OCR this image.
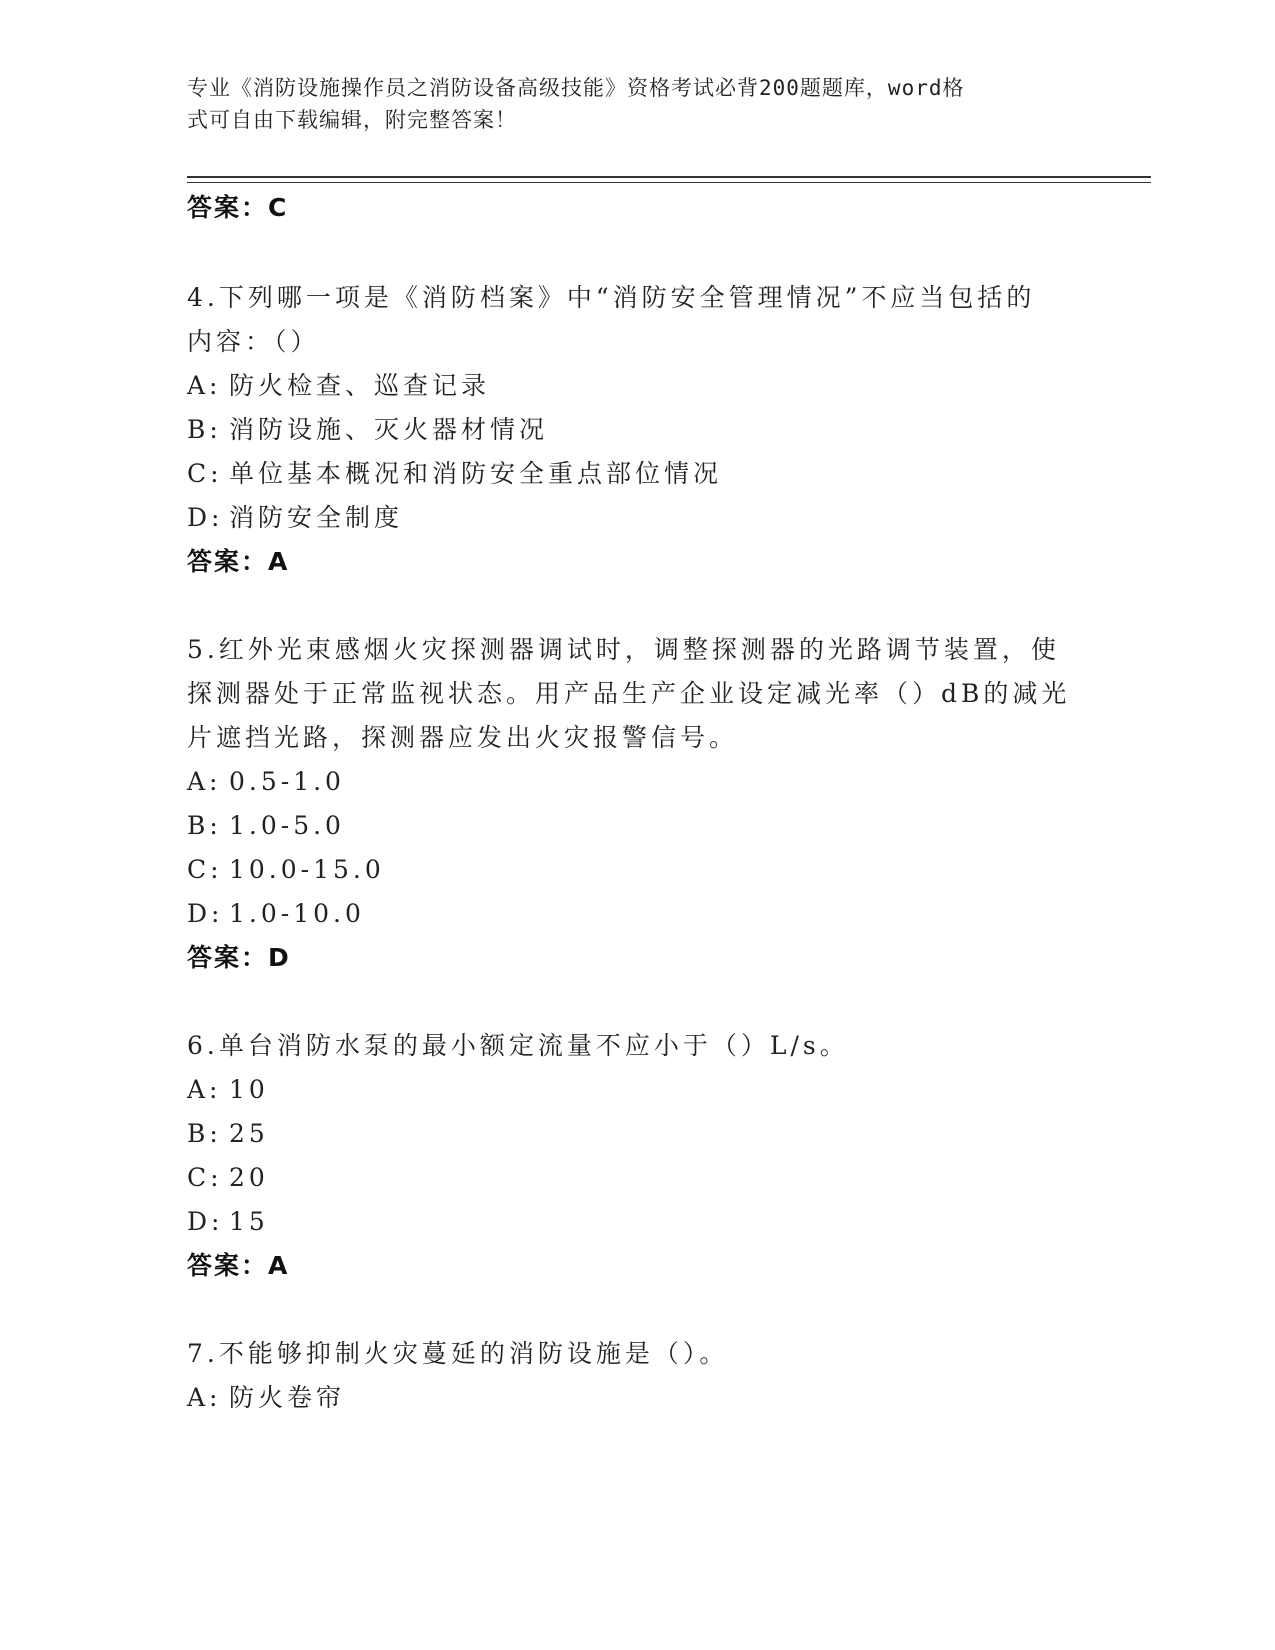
专业《消防设施操作员之消防设备高级技能》资格考试必背200题题库，word格
式可自由下载编辑，附完整答案！
答案：C
4.下列哪一项是《消防档案》中“消防安全管理情况”不应当包括的
内容：（）
A: 防火检查、巡查记录
B: 消防设施、灭火器材情况
C: 单位基本概况和消防安全重点部位情况
D: 消防安全制度
答案：A
5.红外光束感烟火灾探测器调试时，调整探测器的光路调节装置，使
探测器处于正常监视状态。用产品生产企业设定减光率（）dB的减光
片遮挡光路，探测器应发出火灾报警信号。
A: 0.5-1.0
B: 1.0-5.0
C: 10.0-15.0
D: 1.0-10.0
答案：D
6.单台消防水泵的最小额定流量不应小于（）L/s。
A: 10
B: 25
C: 20
D: 15
答案：A
7.不能够抑制火灾蔓延的消防设施是（）。
A: 防火卷帘
